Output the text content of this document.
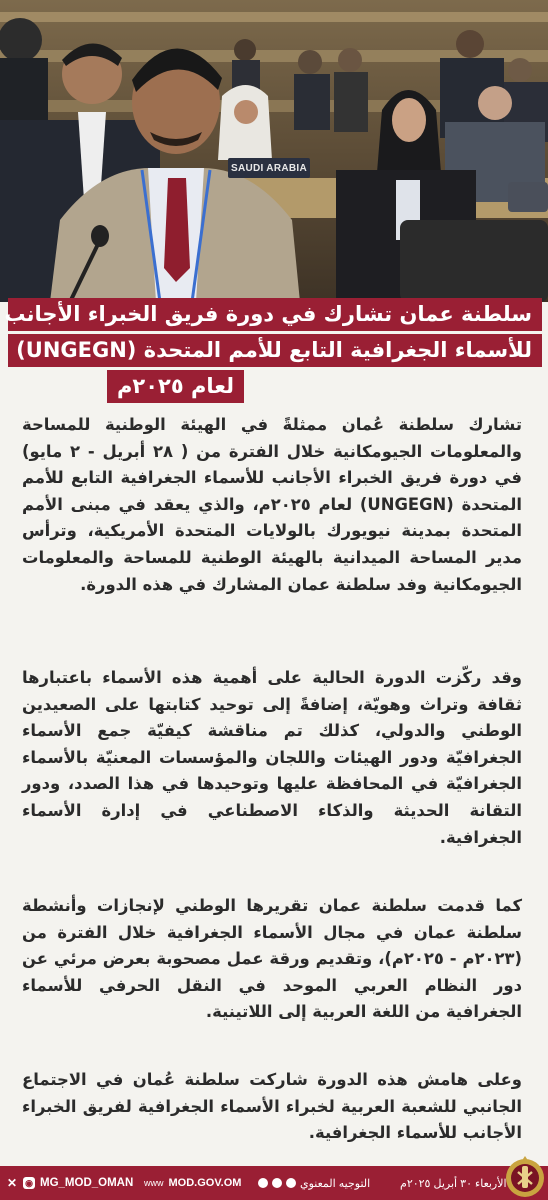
SAUDI ARABIA
سلطنة عمان تشارك في دورة فريق الخبراء الأجانب
للأسماء الجغرافية التابع للأمم المتحدة (UNGEGN)
لعام ٢٠٢٥م
تشارك سلطنة عُمان ممثلةً في الهيئة الوطنية للمساحة والمعلومات الجيومكانية خلال الفترة من ( ٢٨ أبريل - ٢ مايو) في دورة فريق الخبراء الأجانب للأسماء الجغرافية التابع للأمم المتحدة (UNGEGN) لعام ٢٠٢٥م، والذي يعقد في مبنى الأمم المتحدة بمدينة نيويورك بالولايات المتحدة الأمريكية، وترأس مدير المساحة الميدانية بالهيئة الوطنية للمساحة والمعلومات الجيومكانية وفد سلطنة عمان المشارك في هذه الدورة.
وقد ركّزت الدورة الحالية على أهمية هذه الأسماء باعتبارها ثقافة وتراث وهويّة، إضافةً إلى توحيد كتابتها على الصعيدين الوطني والدولي، كذلك تم مناقشة كيفيّة جمع الأسماء الجغرافيّة ودور الهيئات واللجان والمؤسسات المعنيّة بالأسماء الجغرافيّة في المحافظة عليها وتوحيدها في هذا الصدد، ودور التقانة الحديثة والذكاء الاصطناعي في إدارة الأسماء الجغرافية.
كما قدمت سلطنة عمان تقريرها الوطني لإنجازات وأنشطة سلطنة عمان في مجال الأسماء الجغرافية خلال الفترة من (٢٠٢٣م - ٢٠٢٥م)، وتقديم ورقة عمل مصحوبة بعرض مرئي عن دور النظام العربي الموحد في النقل الحرفي للأسماء الجغرافية من اللغة العربية إلى اللاتينية.
وعلى هامش هذه الدورة شاركت سلطنة عُمان في الاجتماع الجانبي للشعبة العربية لخبراء الأسماء الجغرافية لفريق الخبراء الأجانب للأسماء الجغرافية.
✕ ◉ MG_MOD_OMAN www MOD.GOV.OM	التوجيه المعنوي	الأربعاء ٣٠ أبريل ٢٠٢٥م
